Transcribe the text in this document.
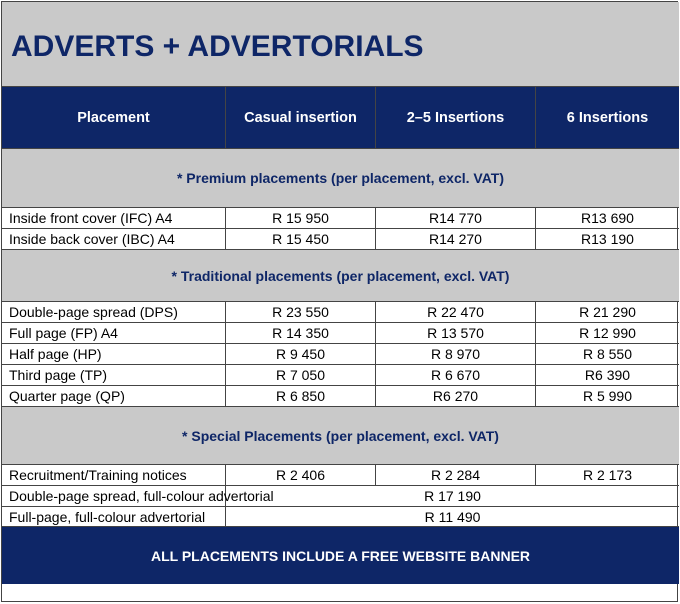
ADVERTS + ADVERTORIALS
Placement	Casual insertion	2–5 Insertions	6 Insertions
* Premium placements (per placement, excl. VAT)
Inside front cover (IFC) A4	R 15 950	R14 770	R13 690
Inside back cover (IBC) A4	R 15 450	R14 270	R13 190
* Traditional placements (per placement, excl. VAT)
Double-page spread (DPS)	R 23 550	R 22 470	R 21 290
Full page (FP) A4	R 14 350	R 13 570	R 12 990
Half page (HP)	R 9 450	R 8 970	R 8 550
Third page (TP)	R 7 050	R 6 670	R6 390
Quarter page (QP)	R 6 850	R6 270	R 5 990
* Special Placements (per placement, excl. VAT)
Recruitment/Training notices	R 2 406	R 2 284	R 2 173
Double-page spread, full-colour advertorial	R 17 190
Full-page, full-colour advertorial	R 11 490
ALL PLACEMENTS INCLUDE A FREE WEBSITE BANNER
